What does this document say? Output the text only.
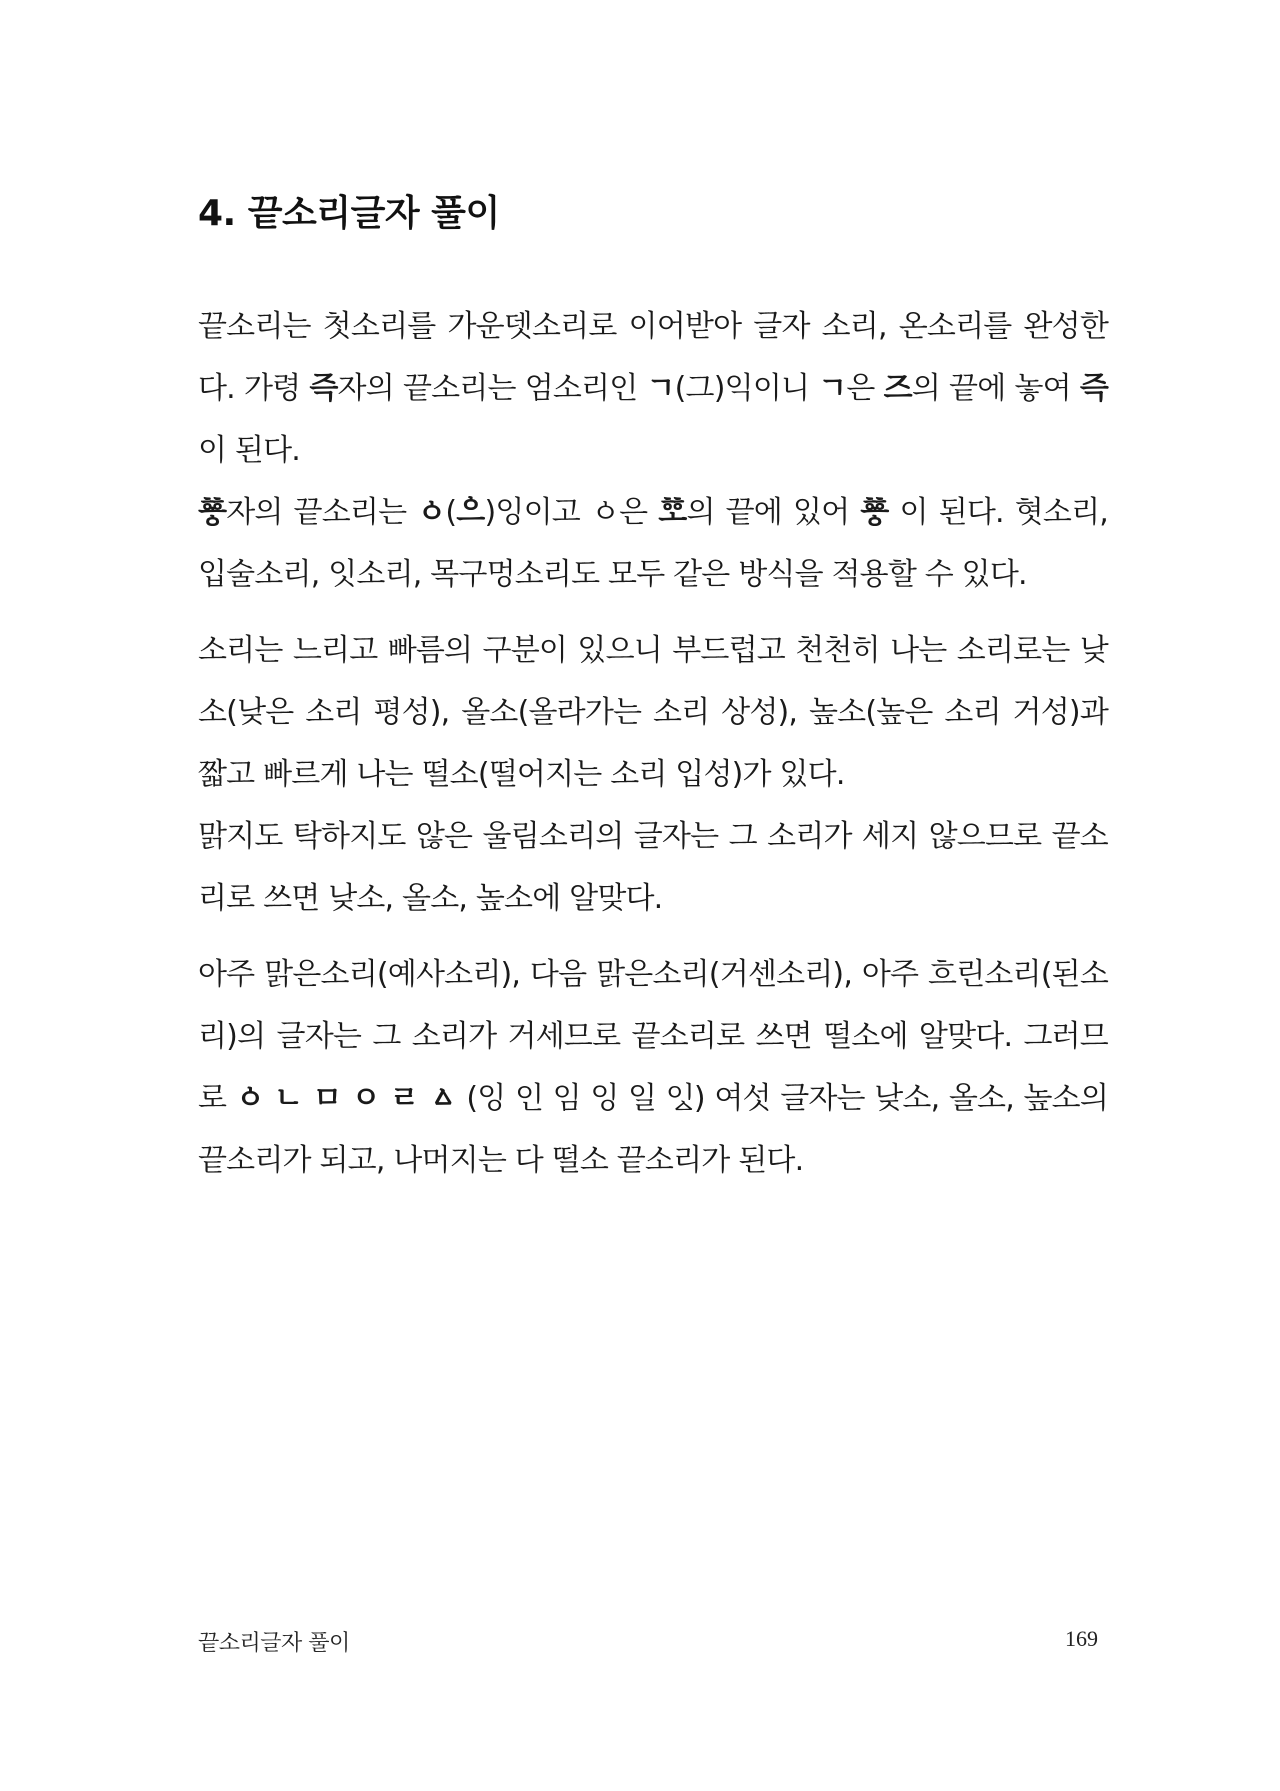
4. 끝소리글자 풀이

끝소리는 첫소리를 가운뎃소리로 이어받아 글자 소리, 온소리를 완성한다. 가령 즉자의 끝소리는 엄소리인 ㄱ(그)익이니 ㄱ은 즈의 끝에 놓여 즉이 된다.

ᅘᅩᇰ자의 끝소리는 ㆁ(ᅌᅳ)잉이고 ㆁ은 ᅘᅩ의 끝에 있어 ᅘᅩᇰ 이 된다. 혓소리, 입술소리, 잇소리, 목구멍소리도 모두 같은 방식을 적용할 수 있다.

소리는 느리고 빠름의 구분이 있으니 부드럽고 천천히 나는 소리로는 낮소(낮은 소리 평성), 올소(올라가는 소리 상성), 높소(높은 소리 거성)과 짧고 빠르게 나는 떨소(떨어지는 소리 입성)가 있다.

맑지도 탁하지도 않은 울림소리의 글자는 그 소리가 세지 않으므로 끝소리로 쓰면 낮소, 올소, 높소에 알맞다.

아주 맑은소리(예사소리), 다음 맑은소리(거센소리), 아주 흐린소리(된소리)의 글자는 그 소리가 거세므로 끝소리로 쓰면 떨소에 알맞다. 그러므로 ㆁ ㄴ ㅁ ㅇ ㄹ ㅿ (잉 인 임 잉 일 이ᇫ) 여섯 글자는 낮소, 올소, 높소의 끝소리가 되고, 나머지는 다 떨소 끝소리가 된다.

끝소리글자 풀이	169
